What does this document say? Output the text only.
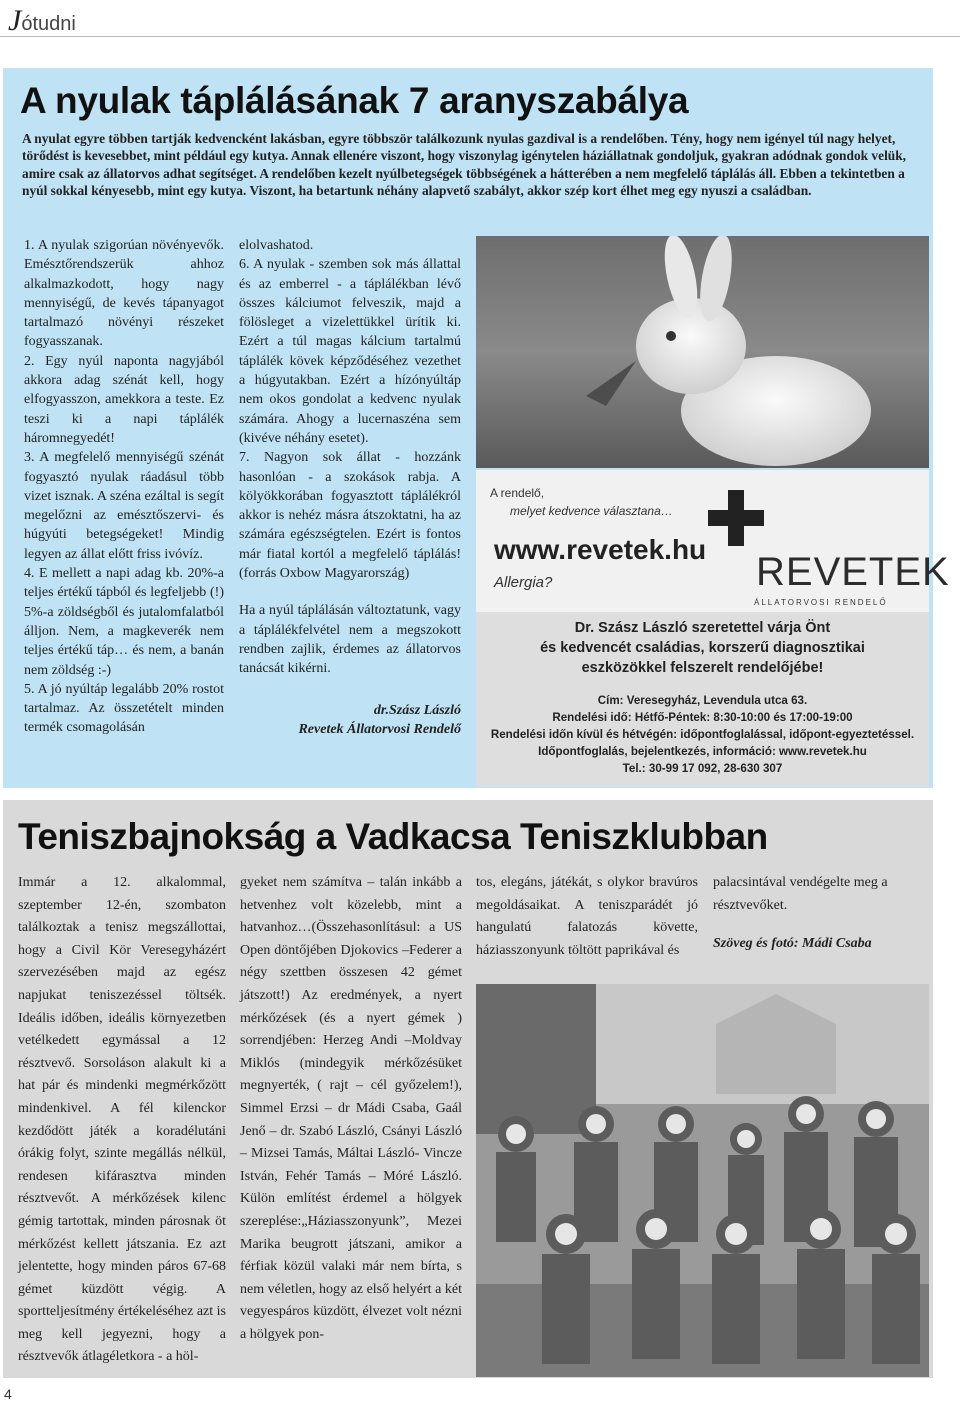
Jótudni
A nyulak táplálásának 7 aranyszabálya
A nyulat egyre többen tartják kedvencként lakásban, egyre többször találkozunk nyulas gazdival is a rendelőben. Tény, hogy nem igényel túl nagy helyet, törődést is kevesebbet, mint például egy kutya. Annak ellenére viszont, hogy viszonylag igénytelen háziállatnak gondoljuk, gyakran adódnak gondok velük, amire csak az állatorvos adhat segítséget. A rendelőben kezelt nyúlbetegségek többségének a hátterében a nem megfelelő táplálás áll. Ebben a tekintetben a nyúl sokkal kényesebb, mint egy kutya. Viszont, ha betartunk néhány alapvető szabályt, akkor szép kort élhet meg egy nyuszi a családban.

1. A nyulak szigorúan növényevők. Emésztőrendszerük ahhoz alkalmazkodott, hogy nagy mennyiségű, de kevés tápanyagot tartalmazó növényi részeket fogyasszanak.

2. Egy nyúl naponta nagyjából akkora adag szénát kell, hogy elfogyasszon, amekkora a teste. Ez teszi ki a napi táplálék háromnegyedét!

3. A megfelelő mennyiségű szénát fogyasztó nyulak ráadásul több vizet isznak. A széna ezáltal is segít megelőzni az emésztőszervi- és húgyúti betegségeket! Mindig legyen az állat előtt friss ivóvíz.

4. E mellett a napi adag kb. 20%-a teljes értékű tápból és legfeljebb (!) 5%-a zöldségből és jutalomfalatból álljon. Nem, a magkeverék nem teljes értékű táp… és nem, a banán nem zöldség :-)

5. A jó nyúltáp legalább 20% rostot tartalmaz. Az összetételt minden termék csomagolásán

elolvashatod.

6. A nyulak - szemben sok más állattal és az emberrel - a táplálékban lévő összes kálciumot felveszik, majd a fölösleget a vizelettükkel ürítik ki. Ezért a túl magas kálcium tartalmú táplálék kövek képződéséhez vezethet a húgyutakban. Ezért a hízónyúltáp nem okos gondolat a kedvenc nyulak számára. Ahogy a lucernaszéna sem (kivéve néhány esetet).

7. Nagyon sok állat - hozzánk hasonlóan - a szokások rabja. A kölyökkorában fogyasztott táplálékról akkor is nehéz másra átszoktatni, ha az számára egészségtelen. Ezért is fontos már fiatal kortól a megfelelő táplálás! (forrás Oxbow Magyarország)

Ha a nyúl táplálásán változtatunk, vagy a táplálékfelvétel nem a megszokott rendben zajlik, érdemes az állatorvos tanácsát kikérni.

dr.Szász László

Revetek Állatorvosi Rendelő

A rendelő,
melyet kedvence választana…
www.revetek.hu
Allergia?	REVETEK
ÁLLATORVOSI RENDELŐ
Dr. Szász László szeretettel várja Önt
és kedvencét családias, korszerű diagnosztikai
eszközökkel felszerelt rendelőjébe!
Cím: Veresegyház, Levendula utca 63.
Rendelési idő: Hétfő-Péntek: 8:30-10:00 és 17:00-19:00
Rendelési időn kívül és hétvégén: időpontfoglalással, időpont-egyeztetéssel.
Időpontfoglalás, bejelentkezés, információ: www.revetek.hu
Tel.: 30-99 17 092, 28-630 307
Teniszbajnokság a Vadkacsa Teniszklubban
Immár a 12. alkalommal, szeptember 12-én, szombaton találkoztak a tenisz megszállottai, hogy a Civil Kör Veresegyházért szervezésében majd az egész napjukat teniszezéssel töltsék. Ideális időben, ideális környezetben vetélkedett egymással a 12 résztvevő. Sorsoláson alakult ki a hat pár és mindenki megmérkőzött mindenkivel. A fél kilenckor kezdődött játék a koradélutáni órákig folyt, szinte megállás nélkül, rendesen kifárasztva minden résztvevőt. A mérkőzések kilenc gémig tartottak, minden párosnak öt mérkőzést kellett játszania. Ez azt jelentette, hogy minden páros 67-68 gémet küzdött végig. A sportteljesítmény értékeléséhez azt is meg kell jegyezni, hogy a résztvevők átlagéletkora - a höl-
gyeket nem számítva – talán inkább a hetvenhez volt közelebb, mint a hatvanhoz…(Összehasonlításul: a US Open döntőjében Djokovics –Federer a négy szettben összesen 42 gémet játszott!) Az eredmények, a nyert mérkőzések (és a nyert gémek ) sorrendjében: Herzeg Andi –Moldvay Miklós (mindegyik mérkőzésüket megnyerték, ( rajt – cél győzelem!), Simmel Erzsi – dr Mádi Csaba, Gaál Jenő – dr. Szabó László, Csányi László – Mizsei Tamás, Máltai László- Vincze István, Fehér Tamás – Móré László. Külön említést érdemel a hölgyek szereplése:„Háziasszonyunk”, Mezei Marika beugrott játszani, amikor a férfiak közül valaki már nem bírta, s nem véletlen, hogy az első helyért a két vegyespáros küzdött, élvezet volt nézni a hölgyek pon-
tos, elegáns, játékát, s olykor bravúros megoldásaikat. A teniszparádét jó hangulatú falatozás követte, háziasszonyunk töltött paprikával és
palacsintával vendégelte meg a résztvevőket.
Szöveg és fotó: Mádi Csaba
4
